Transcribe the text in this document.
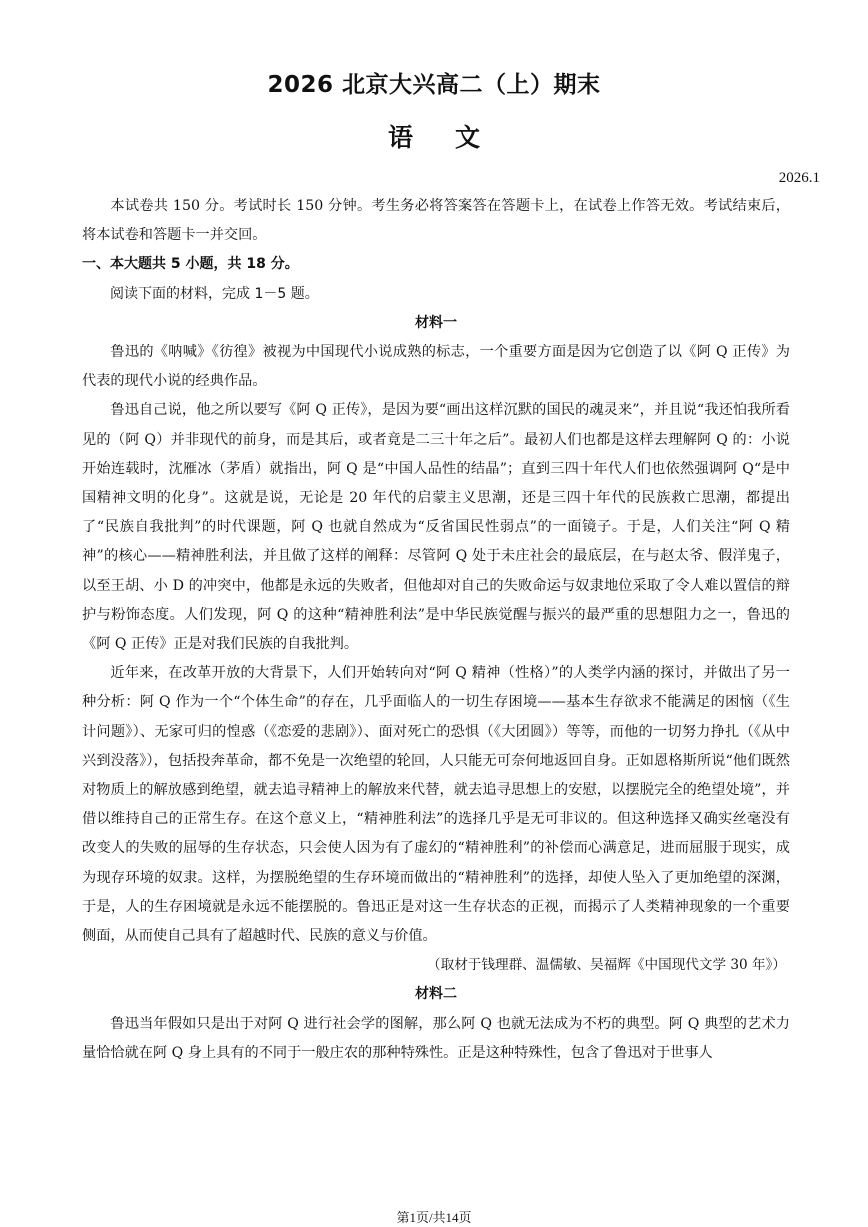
2026 北京大兴高二（上）期末
语文
2026.1

本试卷共 150 分。考试时长 150 分钟。考生务必将答案答在答题卡上，在试卷上作答无效。考试结束后，将本试卷和答题卡一并交回。

一、本大题共 5 小题，共 18 分。

阅读下面的材料，完成 1－5 题。

材料一

鲁迅的《呐喊》《彷徨》被视为中国现代小说成熟的标志，一个重要方面是因为它创造了以《阿 Q 正传》为代表的现代小说的经典作品。

鲁迅自己说，他之所以要写《阿 Q 正传》，是因为要“画出这样沉默的国民的魂灵来”，并且说“我还怕我所看见的（阿 Q）并非现代的前身，而是其后，或者竟是二三十年之后”。最初人们也都是这样去理解阿 Q 的：小说开始连载时，沈雁冰（茅盾）就指出，阿 Q 是“中国人品性的结晶”；直到三四十年代人们也依然强调阿 Q“是中国精神文明的化身”。这就是说，无论是 20 年代的启蒙主义思潮，还是三四十年代的民族救亡思潮，都提出了“民族自我批判”的时代课题，阿 Q 也就自然成为“反省国民性弱点”的一面镜子。于是，人们关注“阿 Q 精神”的核心——精神胜利法，并且做了这样的阐释：尽管阿 Q 处于未庄社会的最底层，在与赵太爷、假洋鬼子，以至王胡、小 D 的冲突中，他都是永远的失败者，但他却对自己的失败命运与奴隶地位采取了令人难以置信的辩护与粉饰态度。人们发现，阿 Q 的这种“精神胜利法”是中华民族觉醒与振兴的最严重的思想阻力之一，鲁迅的《阿 Q 正传》正是对我们民族的自我批判。

近年来，在改革开放的大背景下，人们开始转向对“阿 Q 精神（性格）”的人类学内涵的探讨，并做出了另一种分析：阿 Q 作为一个“个体生命”的存在，几乎面临人的一切生存困境——基本生存欲求不能满足的困恼（《生计问题》）、无家可归的惶惑（《恋爱的悲剧》）、面对死亡的恐惧（《大团圆》）等等，而他的一切努力挣扎（《从中兴到没落》），包括投奔革命，都不免是一次绝望的轮回，人只能无可奈何地返回自身。正如恩格斯所说“他们既然对物质上的解放感到绝望，就去追寻精神上的解放来代替，就去追寻思想上的安慰，以摆脱完全的绝望处境”，并借以维持自己的正常生存。在这个意义上，“精神胜利法”的选择几乎是无可非议的。但这种选择又确实丝毫没有改变人的失败的屈辱的生存状态，只会使人因为有了虚幻的“精神胜利”的补偿而心满意足，进而屈服于现实，成为现存环境的奴隶。这样，为摆脱绝望的生存环境而做出的“精神胜利”的选择，却使人坠入了更加绝望的深渊，于是，人的生存困境就是永远不能摆脱的。鲁迅正是对这一生存状态的正视，而揭示了人类精神现象的一个重要侧面，从而使自己具有了超越时代、民族的意义与价值。

（取材于钱理群、温儒敏、吴福辉《中国现代文学 30 年》）

材料二

鲁迅当年假如只是出于对阿 Q 进行社会学的图解，那么阿 Q 也就无法成为不朽的典型。阿 Q 典型的艺术力量恰恰就在阿 Q 身上具有的不同于一般庄农的那种特殊性。正是这种特殊性，包含了鲁迅对于世事人

第1页/共14页
